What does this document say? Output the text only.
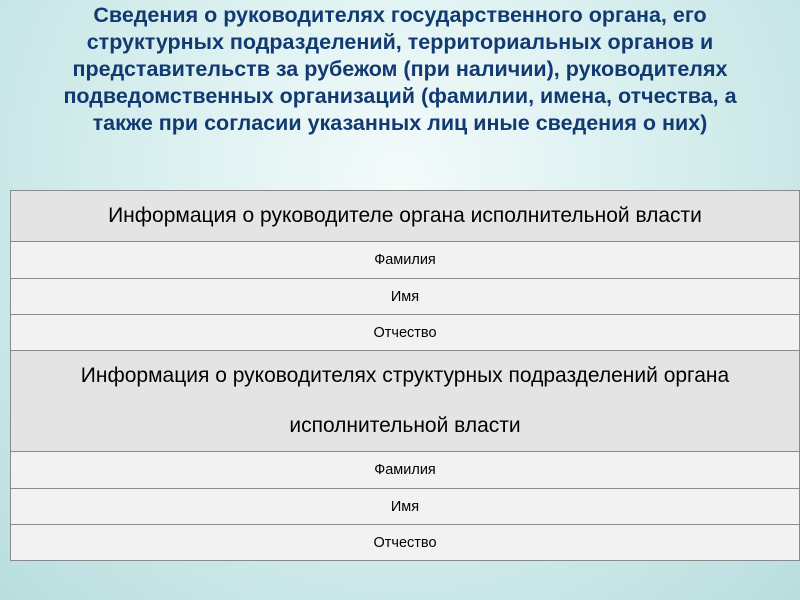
Сведения о руководителях государственного органа, его структурных подразделений, территориальных органов и представительств за рубежом (при наличии), руководителях подведомственных организаций (фамилии, имена, отчества, а также при согласии указанных лиц иные сведения о них)
Информация о руководителе органа исполнительной власти
Фамилия
Имя
Отчество
Информация о руководителях структурных подразделений органа исполнительной власти
Фамилия
Имя
Отчество
